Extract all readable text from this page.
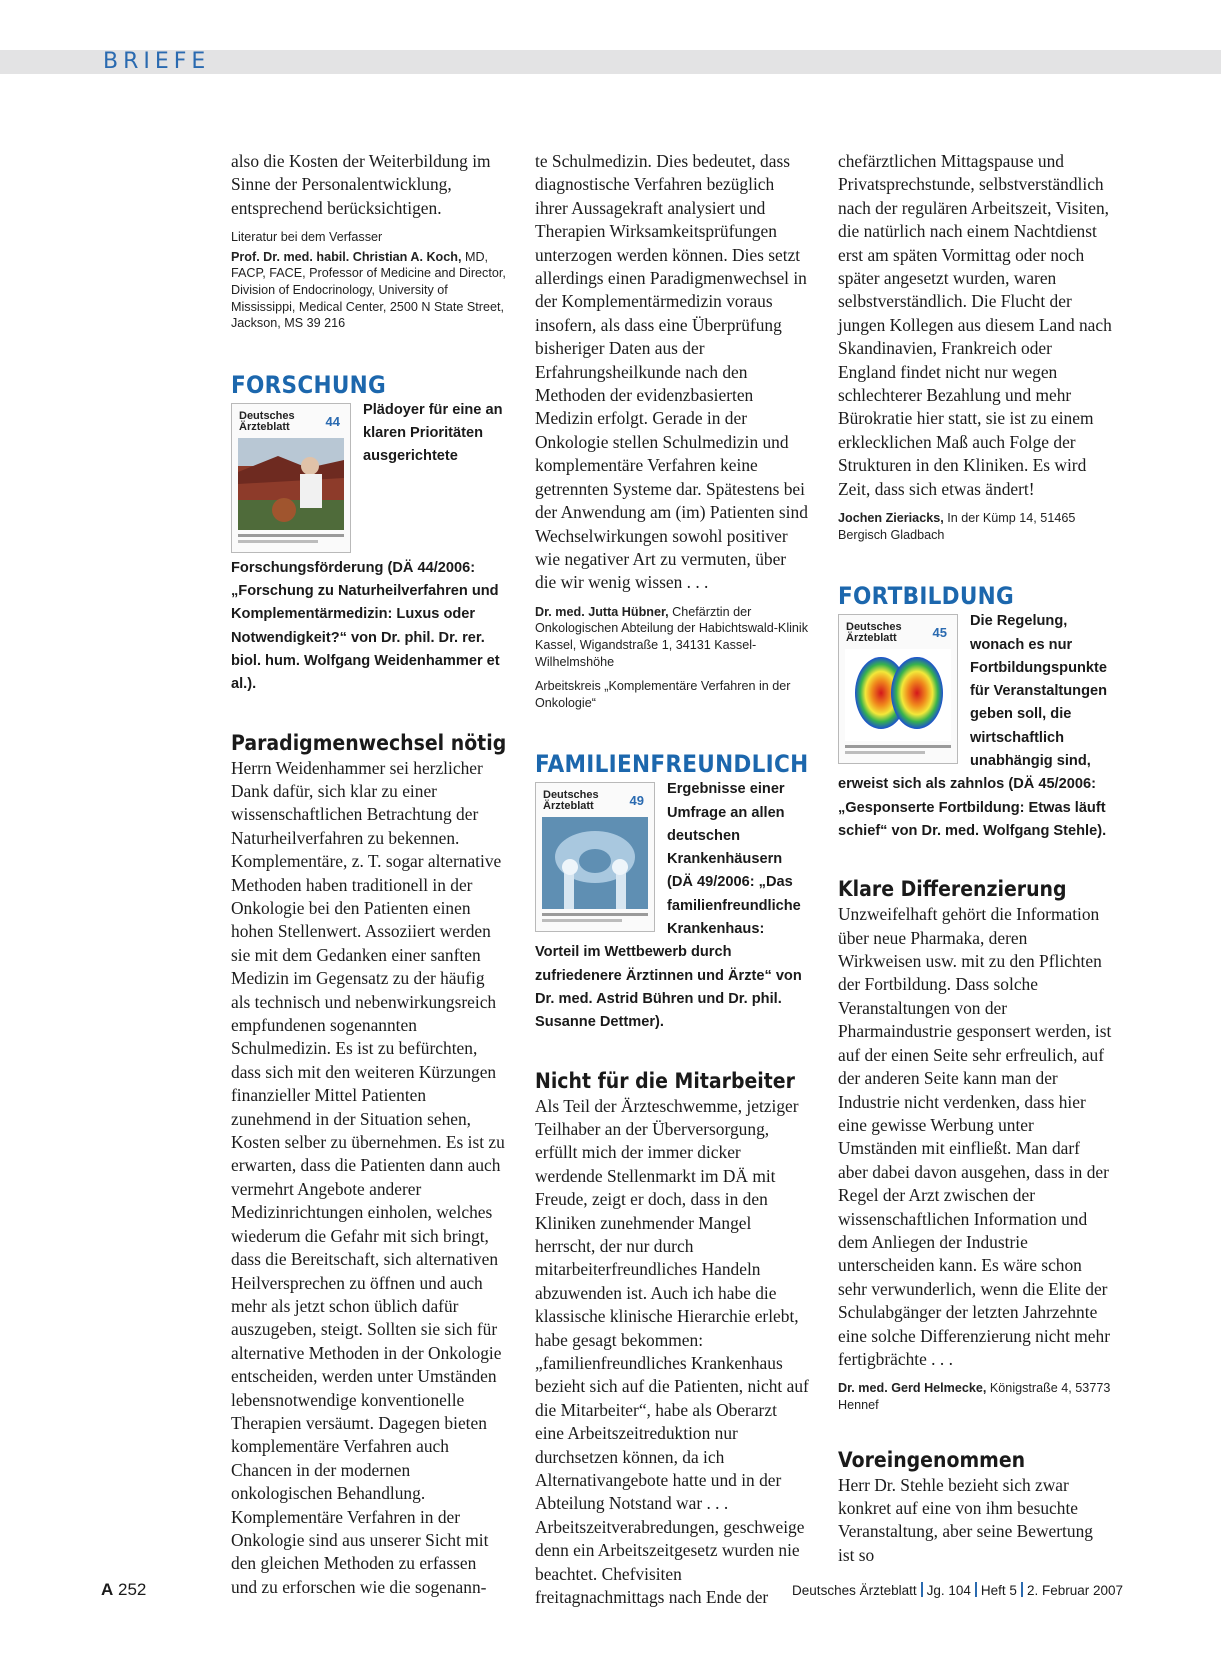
BRIEFE

also die Kosten der Weiterbildung im Sinne der Personalentwicklung, entsprechend berücksichtigen.

Literatur bei dem Verfasser

Prof. Dr. med. habil. Christian A. Koch, MD, FACP, FACE, Professor of Medicine and Director, Division of Endocrinology, University of Mississippi, Medical Center, 2500 N State Street, Jackson, MS 39 216

FORSCHUNG
Deutsches Ärzteblatt	44

Plädoyer für eine an klaren Prioritäten ausgerichtete Forschungsförderung (DÄ 44/2006: „Forschung zu Naturheilverfahren und Komplementärmedizin: Luxus oder Notwendigkeit?“ von Dr. phil. Dr. rer. biol. hum. Wolfgang Weidenhammer et al.).

Paradigmenwechsel nötig

Herrn Weidenhammer sei herzlicher Dank dafür, sich klar zu einer wissenschaftlichen Betrachtung der Naturheilverfahren zu bekennen. Komplementäre, z. T. sogar alternative Methoden haben traditionell in der Onkologie bei den Patienten einen hohen Stellenwert. Assoziiert werden sie mit dem Gedanken einer sanften Medizin im Gegensatz zu der häufig als technisch und nebenwirkungsreich empfundenen sogenannten Schulmedizin. Es ist zu befürchten, dass sich mit den weiteren Kürzungen finanzieller Mittel Patienten zunehmend in der Situation sehen, Kosten selber zu übernehmen. Es ist zu erwarten, dass die Patienten dann auch vermehrt Angebote anderer Medizinrichtungen einholen, welches wiederum die Gefahr mit sich bringt, dass die Bereitschaft, sich alternativen Heilversprechen zu öffnen und auch mehr als jetzt schon üblich dafür auszugeben, steigt. Sollten sie sich für alternative Methoden in der Onkologie entscheiden, werden unter Umständen lebensnotwendige konventionelle Therapien versäumt. Dagegen bieten komplementäre Verfahren auch Chancen in der modernen onkologischen Behandlung. Komplementäre Verfahren in der Onkologie sind aus unserer Sicht mit den gleichen Methoden zu erfassen und zu erforschen wie die sogenann-

te Schulmedizin. Dies bedeutet, dass diagnostische Verfahren bezüglich ihrer Aussagekraft analysiert und Therapien Wirksamkeitsprüfungen unterzogen werden können. Dies setzt allerdings einen Paradigmenwechsel in der Komplementärmedizin voraus insofern, als dass eine Überprüfung bisheriger Daten aus der Erfahrungsheilkunde nach den Methoden der evidenzbasierten Medizin erfolgt. Gerade in der Onkologie stellen Schulmedizin und komplementäre Verfahren keine getrennten Systeme dar. Spätestens bei der Anwendung am (im) Patienten sind Wechselwirkungen sowohl positiver wie negativer Art zu vermuten, über die wir wenig wissen . . .

Dr. med. Jutta Hübner, Chefärztin der Onkologischen Abteilung der Habichtswald-Klinik Kassel, Wigandstraße 1, 34131 Kassel-Wilhelmshöhe

Arbeitskreis „Komplementäre Verfahren in der Onkologie“

FAMILIENFREUNDLICH
Deutsches Ärzteblatt	49

Ergebnisse einer Umfrage an allen deutschen Krankenhäusern (DÄ 49/2006: „Das familienfreundliche Krankenhaus: Vorteil im Wettbewerb durch zufriedenere Ärztinnen und Ärzte“ von Dr. med. Astrid Bühren und Dr. phil. Susanne Dettmer).

Nicht für die Mitarbeiter

Als Teil der Ärzteschwemme, jetziger Teilhaber an der Überversorgung, erfüllt mich der immer dicker werdende Stellenmarkt im DÄ mit Freude, zeigt er doch, dass in den Kliniken zunehmender Mangel herrscht, der nur durch mitarbeiterfreundliches Handeln abzuwenden ist. Auch ich habe die klassische klinische Hierarchie erlebt, habe gesagt bekommen: „familienfreundliches Krankenhaus bezieht sich auf die Patienten, nicht auf die Mitarbeiter“, habe als Oberarzt eine Arbeitszeitreduktion nur durchsetzen können, da ich Alternativangebote hatte und in der Abteilung Notstand war . . . Arbeitszeitverabredungen, geschweige denn ein Arbeitszeitgesetz wurden nie beachtet. Chefvisiten freitagnachmittags nach Ende der

chefärztlichen Mittagspause und Privatsprechstunde, selbstverständlich nach der regulären Arbeitszeit, Visiten, die natürlich nach einem Nachtdienst erst am späten Vormittag oder noch später angesetzt wurden, waren selbstverständlich. Die Flucht der jungen Kollegen aus diesem Land nach Skandinavien, Frankreich oder England findet nicht nur wegen schlechterer Bezahlung und mehr Bürokratie hier statt, sie ist zu einem erklecklichen Maß auch Folge der Strukturen in den Kliniken. Es wird Zeit, dass sich etwas ändert!

Jochen Zieriacks, In der Kümp 14, 51465 Bergisch Gladbach

FORTBILDUNG
Deutsches Ärzteblatt	45

Die Regelung, wonach es nur Fortbildungspunkte für Veranstaltungen geben soll, die wirtschaftlich unabhängig sind, erweist sich als zahnlos (DÄ 45/2006: „Gesponserte Fortbildung: Etwas läuft schief“ von Dr. med. Wolfgang Stehle).

Klare Differenzierung

Unzweifelhaft gehört die Information über neue Pharmaka, deren Wirkweisen usw. mit zu den Pflichten der Fortbildung. Dass solche Veranstaltungen von der Pharmaindustrie gesponsert werden, ist auf der einen Seite sehr erfreulich, auf der anderen Seite kann man der Industrie nicht verdenken, dass hier eine gewisse Werbung unter Umständen mit einfließt. Man darf aber dabei davon ausgehen, dass in der Regel der Arzt zwischen der wissenschaftlichen Information und dem Anliegen der Industrie unterscheiden kann. Es wäre schon sehr verwunderlich, wenn die Elite der Schulabgänger der letzten Jahrzehnte eine solche Differenzierung nicht mehr fertigbrächte . . .

Dr. med. Gerd Helmecke, Königstraße 4, 53773 Hennef

Voreingenommen

Herr Dr. Stehle bezieht sich zwar konkret auf eine von ihm besuchte Veranstaltung, aber seine Bewertung ist so

A 252	Deutsches Ärzteblatt Jg. 104 Heft 5 2. Februar 2007
